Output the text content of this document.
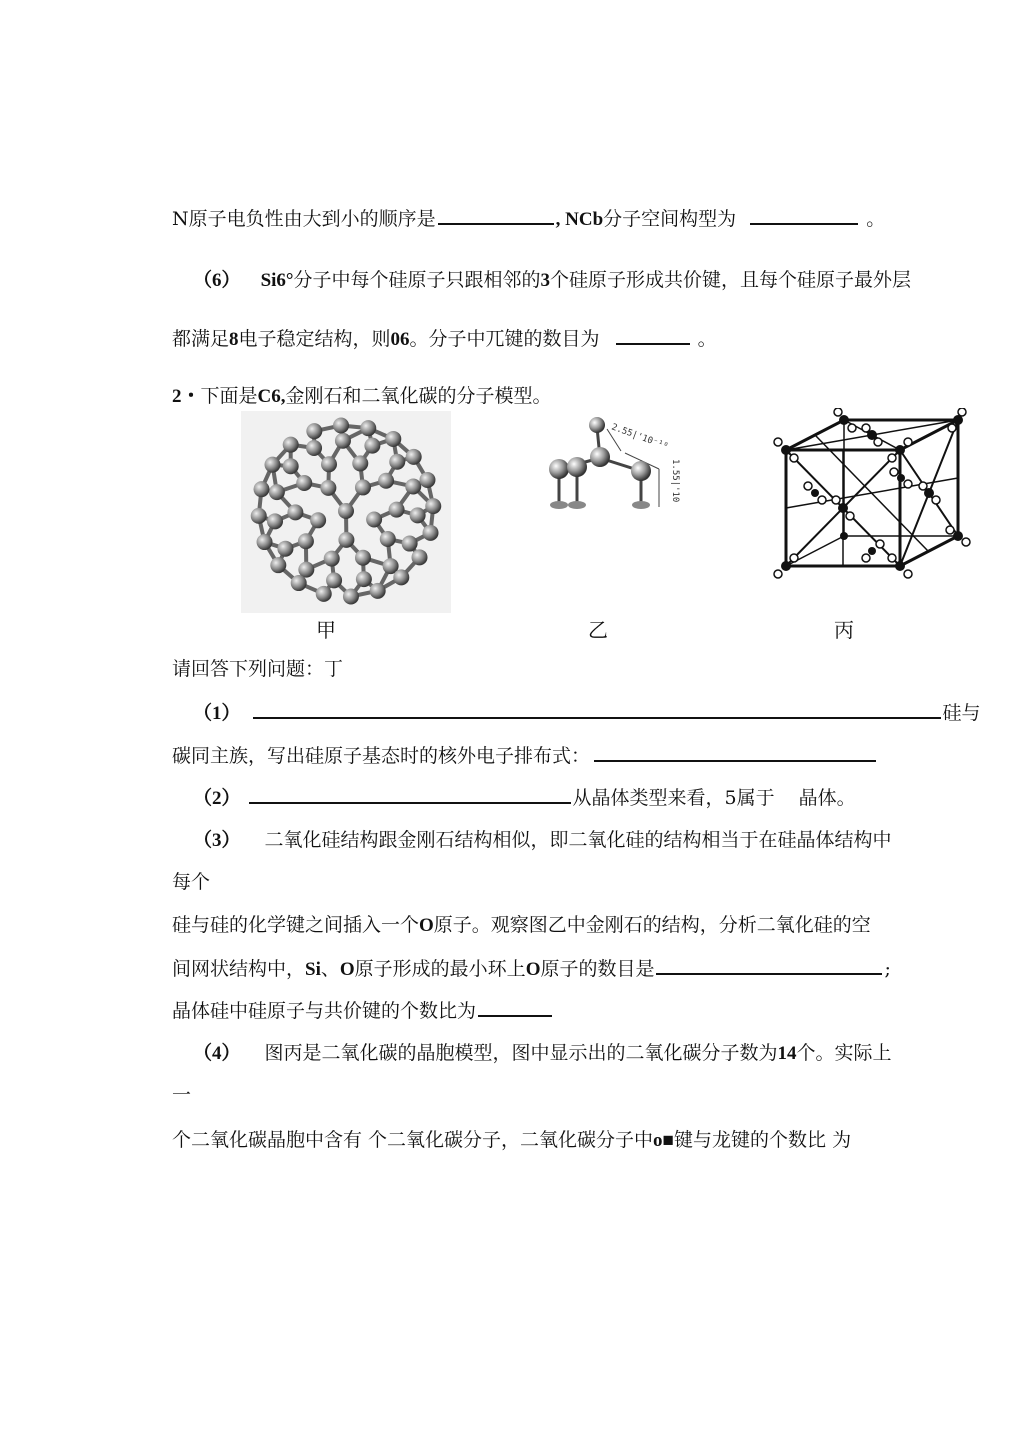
N原子电负性由大到小的顺序是	, NCb分子空间构型为	。
（6） Si6°分子中每个硅原子只跟相邻的3个硅原子形成共价键，且每个硅原子最外层
都满足8电子稳定结构，则06。分子中兀键的数目为	。
2・下面是C6,金刚石和二氧化碳的分子模型。
2.55|'10⁻¹⁰
1.55|'10
甲	乙	丙
请回答下列问题：丁
（1）	硅与
碳同主族，写出硅原子基态时的核外电子排布式：
（2）	从晶体类型来看，5属于 晶体。
（3） 二氧化硅结构跟金刚石结构相似，即二氧化硅的结构相当于在硅晶体结构中
每个
硅与硅的化学键之间插入一个O原子。观察图乙中金刚石的结构，分析二氧化硅的空
间网状结构中，Si、O原子形成的最小环上O原子的数目是	;
晶体硅中硅原子与共价键的个数比为
（4） 图丙是二氧化碳的晶胞模型，图中显示出的二氧化碳分子数为14个。实际上
一
个二氧化碳晶胞中含有 个二氧化碳分子，二氧化碳分子中o■键与龙键的个数比 为
